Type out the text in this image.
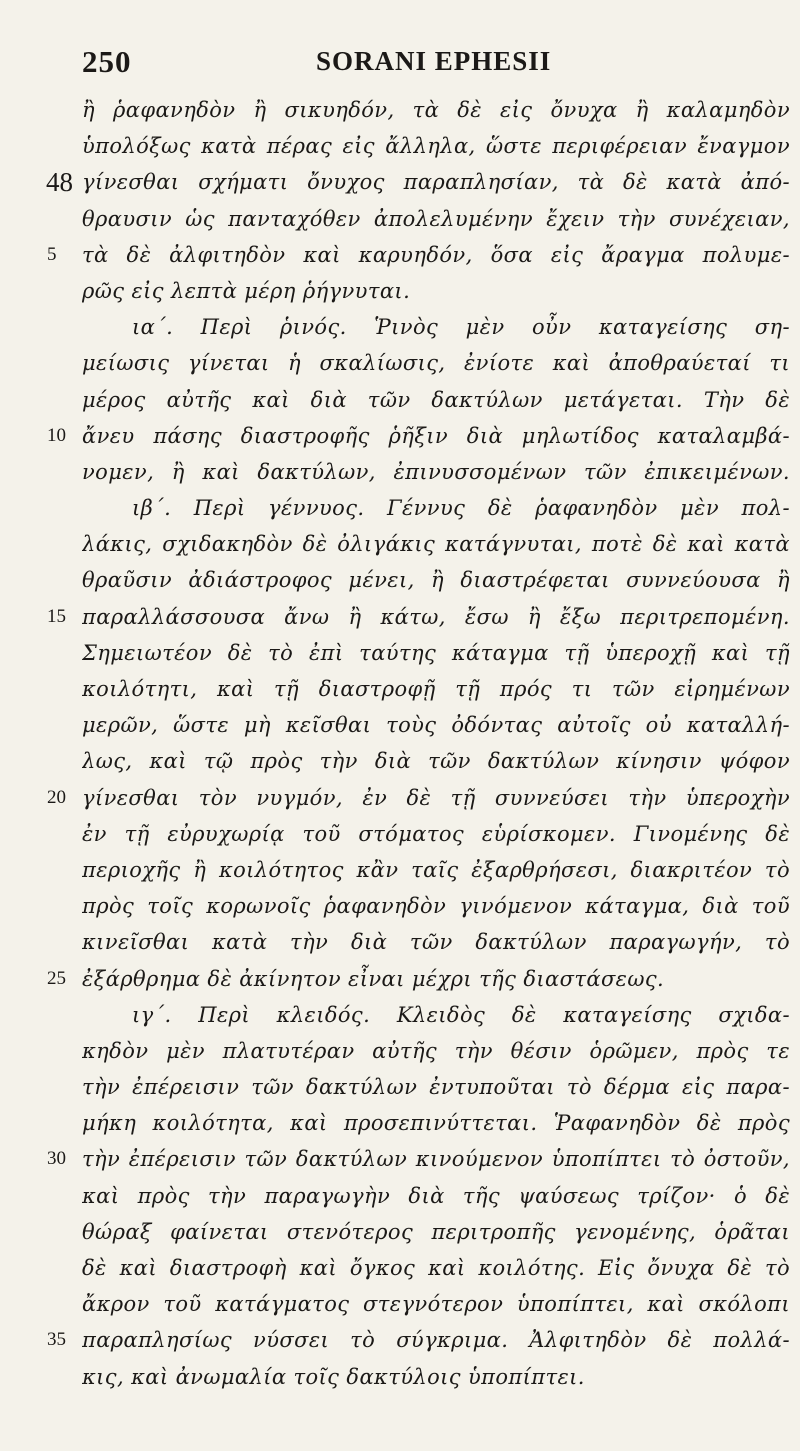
250	SORANI EPHESII
ἢ ῥαφανηδὸν ἢ σικυηδόν, τὰ δὲ εἰς ὄνυχα ἢ καλαμηδὸν
ὑπολόξως κατὰ πέρας εἰς ἄλληλα, ὥστε περιφέρειαν ἔναγμον
48 γίνεσθαι σχήματι ὄνυχος παραπλησίαν, τὰ δὲ κατὰ ἀπό-
θραυσιν ὡς πανταχόθεν ἀπολελυμένην ἔχειν τὴν συνέχειαν,
5	τὰ δὲ ἀλφιτηδὸν καὶ καρυηδόν, ὅσα εἰς ἄραγμα πολυμε-
ρῶς εἰς λεπτὰ μέρη ῥήγνυται.
ια΄. Περὶ ῥινός. Ῥινὸς μὲν οὖν καταγείσης ση-
μείωσις γίνεται ἡ σκαλίωσις, ἐνίοτε καὶ ἀποθραύεταί τι
μέρος αὐτῆς καὶ διὰ τῶν δακτύλων μετάγεται. Τὴν δὲ
10 ἄνευ πάσης διαστροφῆς ῥῆξιν διὰ μηλωτίδος καταλαμβά-
νομεν, ἢ καὶ δακτύλων, ἐπινυσσομένων τῶν ἐπικειμένων.
ιβ΄. Περὶ γέννυος. Γέννυς δὲ ῥαφανηδὸν μὲν πολ-
λάκις, σχιδακηδὸν δὲ ὀλιγάκις κατάγνυται, ποτὲ δὲ καὶ κατὰ
θραῦσιν ἀδιάστροφος μένει, ἢ διαστρέφεται συννεύουσα ἢ
15 παραλλάσσουσα ἄνω ἢ κάτω, ἔσω ἢ ἔξω περιτρεπομένη.
Σημειωτέον δὲ τὸ ἐπὶ ταύτης κάταγμα τῇ ὑπεροχῇ καὶ τῇ
κοιλότητι, καὶ τῇ διαστροφῇ τῇ πρός τι τῶν εἰρημένων
μερῶν, ὥστε μὴ κεῖσθαι τοὺς ὀδόντας αὐτοῖς οὐ καταλλή-
λως, καὶ τῷ πρὸς τὴν διὰ τῶν δακτύλων κίνησιν ψόφον
20 γίνεσθαι τὸν νυγμόν, ἐν δὲ τῇ συννεύσει τὴν ὑπεροχὴν
ἐν τῇ εὐρυχωρίᾳ τοῦ στόματος εὑρίσκομεν. Γινομένης δὲ
περιοχῆς ἢ κοιλότητος κἂν ταῖς ἐξαρθρήσεσι, διακριτέον τὸ
πρὸς τοῖς κορωνοῖς ῥαφανηδὸν γινόμενον κάταγμα, διὰ τοῦ
κινεῖσθαι κατὰ τὴν διὰ τῶν δακτύλων παραγωγήν, τὸ
25 ἐξάρθρημα δὲ ἀκίνητον εἶναι μέχρι τῆς διαστάσεως.
ιγ΄. Περὶ κλειδός. Κλειδὸς δὲ καταγείσης σχιδα-
κηδὸν μὲν πλατυτέραν αὐτῆς τὴν θέσιν ὁρῶμεν, πρὸς τε
τὴν ἐπέρεισιν τῶν δακτύλων ἐντυποῦται τὸ δέρμα εἰς παρα-
μήκη κοιλότητα, καὶ προσεπινύττεται. Ῥαφανηδὸν δὲ πρὸς
30 τὴν ἐπέρεισιν τῶν δακτύλων κινούμενον ὑποπίπτει τὸ ὀστοῦν,
καὶ πρὸς τὴν παραγωγὴν διὰ τῆς ψαύσεως τρίζον· ὁ δὲ
θώραξ φαίνεται στενότερος περιτροπῆς γενομένης, ὁρᾶται
δὲ καὶ διαστροφὴ καὶ ὄγκος καὶ κοιλότης. Εἰς ὄνυχα δὲ τὸ
ἄκρον τοῦ κατάγματος στεγνότερον ὑποπίπτει, καὶ σκόλοπι
35 παραπλησίως νύσσει τὸ σύγκριμα. Ἀλφιτηδὸν δὲ πολλά-
κις, καὶ ἀνωμαλία τοῖς δακτύλοις ὑποπίπτει.
